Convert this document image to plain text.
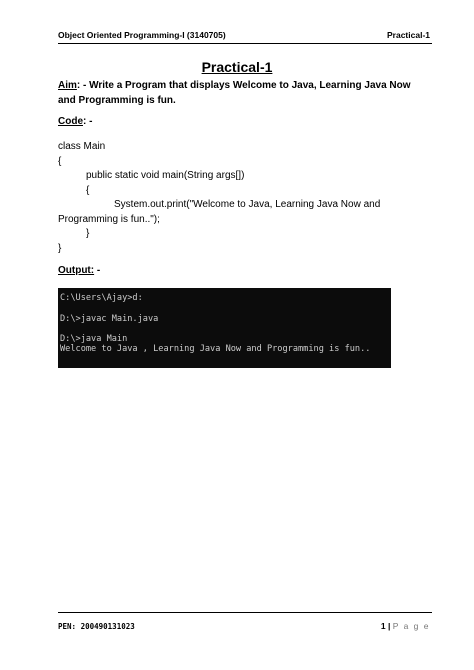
Object Oriented Programming-I (3140705)	Practical-1
Practical-1
Aim: - Write a Program that displays Welcome to Java, Learning Java Now and Programming is fun.
Code: -
class Main
{
public static void main(String args[])
{
System.out.print("Welcome to Java, Learning Java Now and
Programming is fun..");
}
}
Output: -
C:\Users\Ajay>d:

D:\>javac Main.java

D:\>java Main
Welcome to Java , Learning Java Now and Programming is fun..
PEN: 200490131023	1 | P a g e
